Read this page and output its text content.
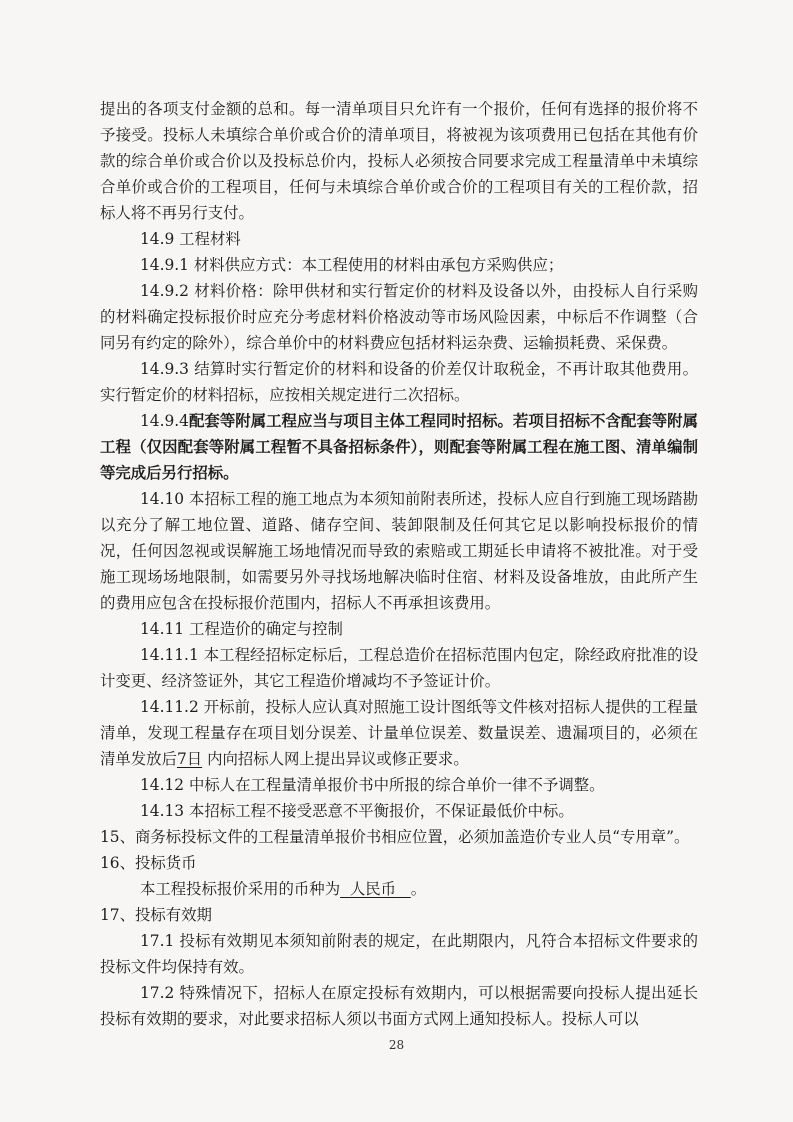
提出的各项支付金额的总和。每一清单项目只允许有一个报价，任何有选择的报价将不予接受。投标人未填综合单价或合价的清单项目，将被视为该项费用已包括在其他有价款的综合单价或合价以及投标总价内，投标人必须按合同要求完成工程量清单中未填综合单价或合价的工程项目，任何与未填综合单价或合价的工程项目有关的工程价款，招标人将不再另行支付。

14.9 工程材料

14.9.1 材料供应方式：本工程使用的材料由承包方采购供应；

14.9.2 材料价格：除甲供材和实行暂定价的材料及设备以外，由投标人自行采购的材料确定投标报价时应充分考虑材料价格波动等市场风险因素，中标后不作调整（合同另有约定的除外），综合单价中的材料费应包括材料运杂费、运输损耗费、采保费。

14.9.3 结算时实行暂定价的材料和设备的价差仅计取税金，不再计取其他费用。实行暂定价的材料招标，应按相关规定进行二次招标。

14.9.4配套等附属工程应当与项目主体工程同时招标。若项目招标不含配套等附属工程（仅因配套等附属工程暂不具备招标条件），则配套等附属工程在施工图、清单编制等完成后另行招标。

14.10 本招标工程的施工地点为本须知前附表所述，投标人应自行到施工现场踏勘以充分了解工地位置、道路、储存空间、装卸限制及任何其它足以影响投标报价的情况，任何因忽视或误解施工场地情况而导致的索赔或工期延长申请将不被批准。对于受施工现场场地限制，如需要另外寻找场地解决临时住宿、材料及设备堆放，由此所产生的费用应包含在投标报价范围内，招标人不再承担该费用。

14.11 工程造价的确定与控制

14.11.1 本工程经招标定标后，工程总造价在招标范围内包定，除经政府批准的设计变更、经济签证外，其它工程造价增减均不予签证计价。

14.11.2 开标前，投标人应认真对照施工设计图纸等文件核对招标人提供的工程量清单，发现工程量存在项目划分误差、计量单位误差、数量误差、遗漏项目的，必须在清单发放后7日 内向招标人网上提出异议或修正要求。

14.12 中标人在工程量清单报价书中所报的综合单价一律不予调整。

14.13 本招标工程不接受恶意不平衡报价，不保证最低价中标。

15、商务标投标文件的工程量清单报价书相应位置，必须加盖造价专业人员“专用章”。

16、投标货币

本工程投标报价采用的币种为 人民币 。

17、投标有效期

17.1 投标有效期见本须知前附表的规定，在此期限内，凡符合本招标文件要求的投标文件均保持有效。

17.2 特殊情况下，招标人在原定投标有效期内，可以根据需要向投标人提出延长投标有效期的要求，对此要求招标人须以书面方式网上通知投标人。投标人可以

28
